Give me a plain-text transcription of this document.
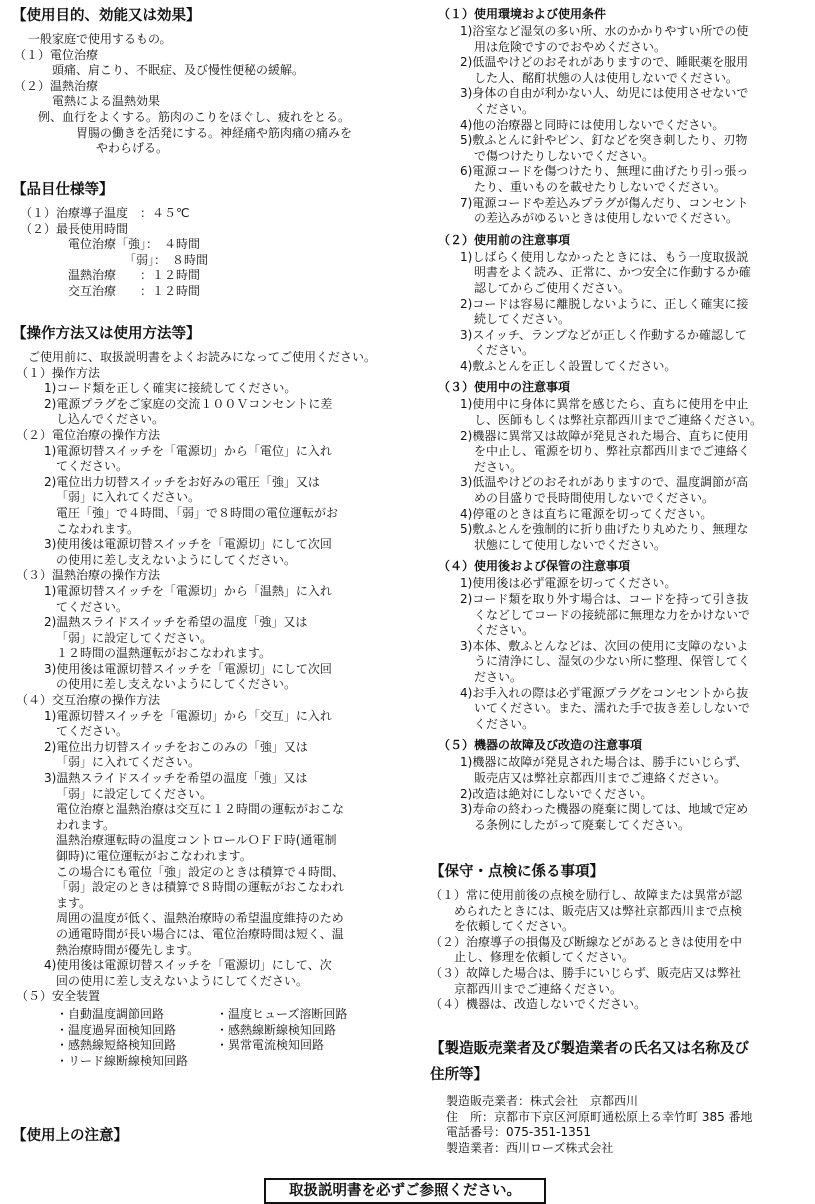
【使用目的、効能又は効果】

一般家庭で使用するもの。

（１）電位治療

頭痛、肩こり、不眠症、及び慢性便秘の緩解。

（２）温熱治療

電熱による温熱効果

例、血行をよくする。筋肉のこりをほぐし、疲れをとる。

胃腸の働きを活発にする。神経痛や筋肉痛の痛みを

やわらげる。

【品目仕様等】

（１）治療導子温度　：４５℃

（２）最長使用時間

電位治療「強」：　４時間

「弱」：　８時間

温熱治療　　：１２時間

交互治療　　：１２時間

【操作方法又は使用方法等】

ご使用前に、取扱説明書をよくお読みになってご使用ください。

（１）操作方法

1)コード類を正しく確実に接続してください。

2)電源プラグをご家庭の交流１００Ｖコンセントに差

し込んでください。

（２）電位治療の操作方法

1)電源切替スイッチを「電源切」から「電位」に入れ

てください。

2)電位出力切替スイッチをお好みの電圧「強」又は

「弱」に入れてください。

電圧「強」で４時間、「弱」で８時間の電位運転がお

こなわれます。

3)使用後は電源切替スイッチを「電源切」にして次回

の使用に差し支えないようにしてください。

（３）温熱治療の操作方法

1)電源切替スイッチを「電源切」から「温熱」に入れ

てください。

2)温熱スライドスイッチを希望の温度「強」又は

「弱」に設定してください。

１２時間の温熱運転がおこなわれます。

3)使用後は電源切替スイッチを「電源切」にして次回

の使用に差し支えないようにしてください。

（４）交互治療の操作方法

1)電源切替スイッチを「電源切」から「交互」に入れ

てください。

2)電位出力切替スイッチをおこのみの「強」又は

「弱」に入れてください。

3)温熱スライドスイッチを希望の温度「強」又は

「弱」に設定してください。

電位治療と温熱治療は交互に１２時間の運転がおこな

われます。

温熱治療運転時の温度コントロールＯＦＦ時(通電制

御時)に電位運転がおこなわれます。

この場合にも電位「強」設定のときは積算で４時間、

「弱」設定のときは積算で８時間の運転がおこなわれ

ます。

周囲の温度が低く、温熱治療時の希望温度維持のため

の通電時間が長い場合には、電位治療時間は短く、温

熱治療時間が優先します。

4)使用後は電源切替スイッチを「電源切」にして、次

回の使用に差し支えないようにしてください。

（５）安全装置

・自動温度調節回路

・温度過昇面検知回路

・感熱線短絡検知回路

・リード線断線検知回路

・温度ヒューズ溶断回路

・感熱線断線検知回路

・異常電流検知回路

【使用上の注意】

（１）使用環境および使用条件

1)浴室など湿気の多い所、水のかかりやすい所での使

用は危険ですのでおやめください。

2)低温やけどのおそれがありますので、睡眠薬を服用

した人、酩酊状態の人は使用しないでください。

3)身体の自由が利かない人、幼児には使用させないで

ください。

4)他の治療器と同時には使用しないでください。

5)敷ふとんに針やピン、釘などを突き刺したり、刃物

で傷つけたりしないでください。

6)電源コードを傷つけたり、無理に曲げたり引っ張っ

たり、重いものを載せたりしないでください。

7)電源コードや差込みプラグが傷んだり、コンセント

の差込みがゆるいときは使用しないでください。

（２）使用前の注意事項

1)しばらく使用しなかったときには、もう一度取扱説

明書をよく読み、正常に、かつ安全に作動するか確

認してからご使用ください。

2)コードは容易に離脱しないように、正しく確実に接

続してください。

3)スイッチ、ランプなどが正しく作動するか確認して

ください。

4)敷ふとんを正しく設置してください。

（３）使用中の注意事項

1)使用中に身体に異常を感じたら、直ちに使用を中止

し、医師もしくは弊社京都西川までご連絡ください。

2)機器に異常又は故障が発見された場合、直ちに使用

を中止し、電源を切り、弊社京都西川までご連絡く

ださい。

3)低温やけどのおそれがありますので、温度調節が高

めの目盛りで長時間使用しないでください。

4)停電のときは直ちに電源を切ってください。

5)敷ふとんを強制的に折り曲げたり丸めたり、無理な

状態にして使用しないでください。

（４）使用後および保管の注意事項

1)使用後は必ず電源を切ってください。

2)コード類を取り外す場合は、コードを持って引き抜

くなどしてコードの接続部に無理な力をかけないで

ください。

3)本体、敷ふとんなどは、次回の使用に支障のないよ

うに清浄にし、湿気の少ない所に整理、保管してく

ださい。

4)お手入れの際は必ず電源プラグをコンセントから抜

いてください。また、濡れた手で抜き差ししないで

ください。

（５）機器の故障及び改造の注意事項

1)機器に故障が発見された場合は、勝手にいじらず、

販売店又は弊社京都西川までご連絡ください。

2)改造は絶対にしないでください。

3)寿命の終わった機器の廃棄に関しては、地域で定め

る条例にしたがって廃棄してください。

【保守・点検に係る事項】

（１）常に使用前後の点検を励行し、故障または異常が認

められたときには、販売店又は弊社京都西川まで点検

を依頼してください。

（２）治療導子の損傷及び断線などがあるときは使用を中

止し、修理を依頼してください。

（３）故障した場合は、勝手にいじらず、販売店又は弊社

京都西川までご連絡ください。

（４）機器は、改造しないでください。

【製造販売業者及び製造業者の氏名又は名称及び

住所等】

製造販売業者：株式会社　京都西川

住　所：京都市下京区河原町通松原上る幸竹町 385 番地

電話番号：075-351-1351

製造業者：西川ローズ株式会社

取扱説明書を必ずご参照ください。
